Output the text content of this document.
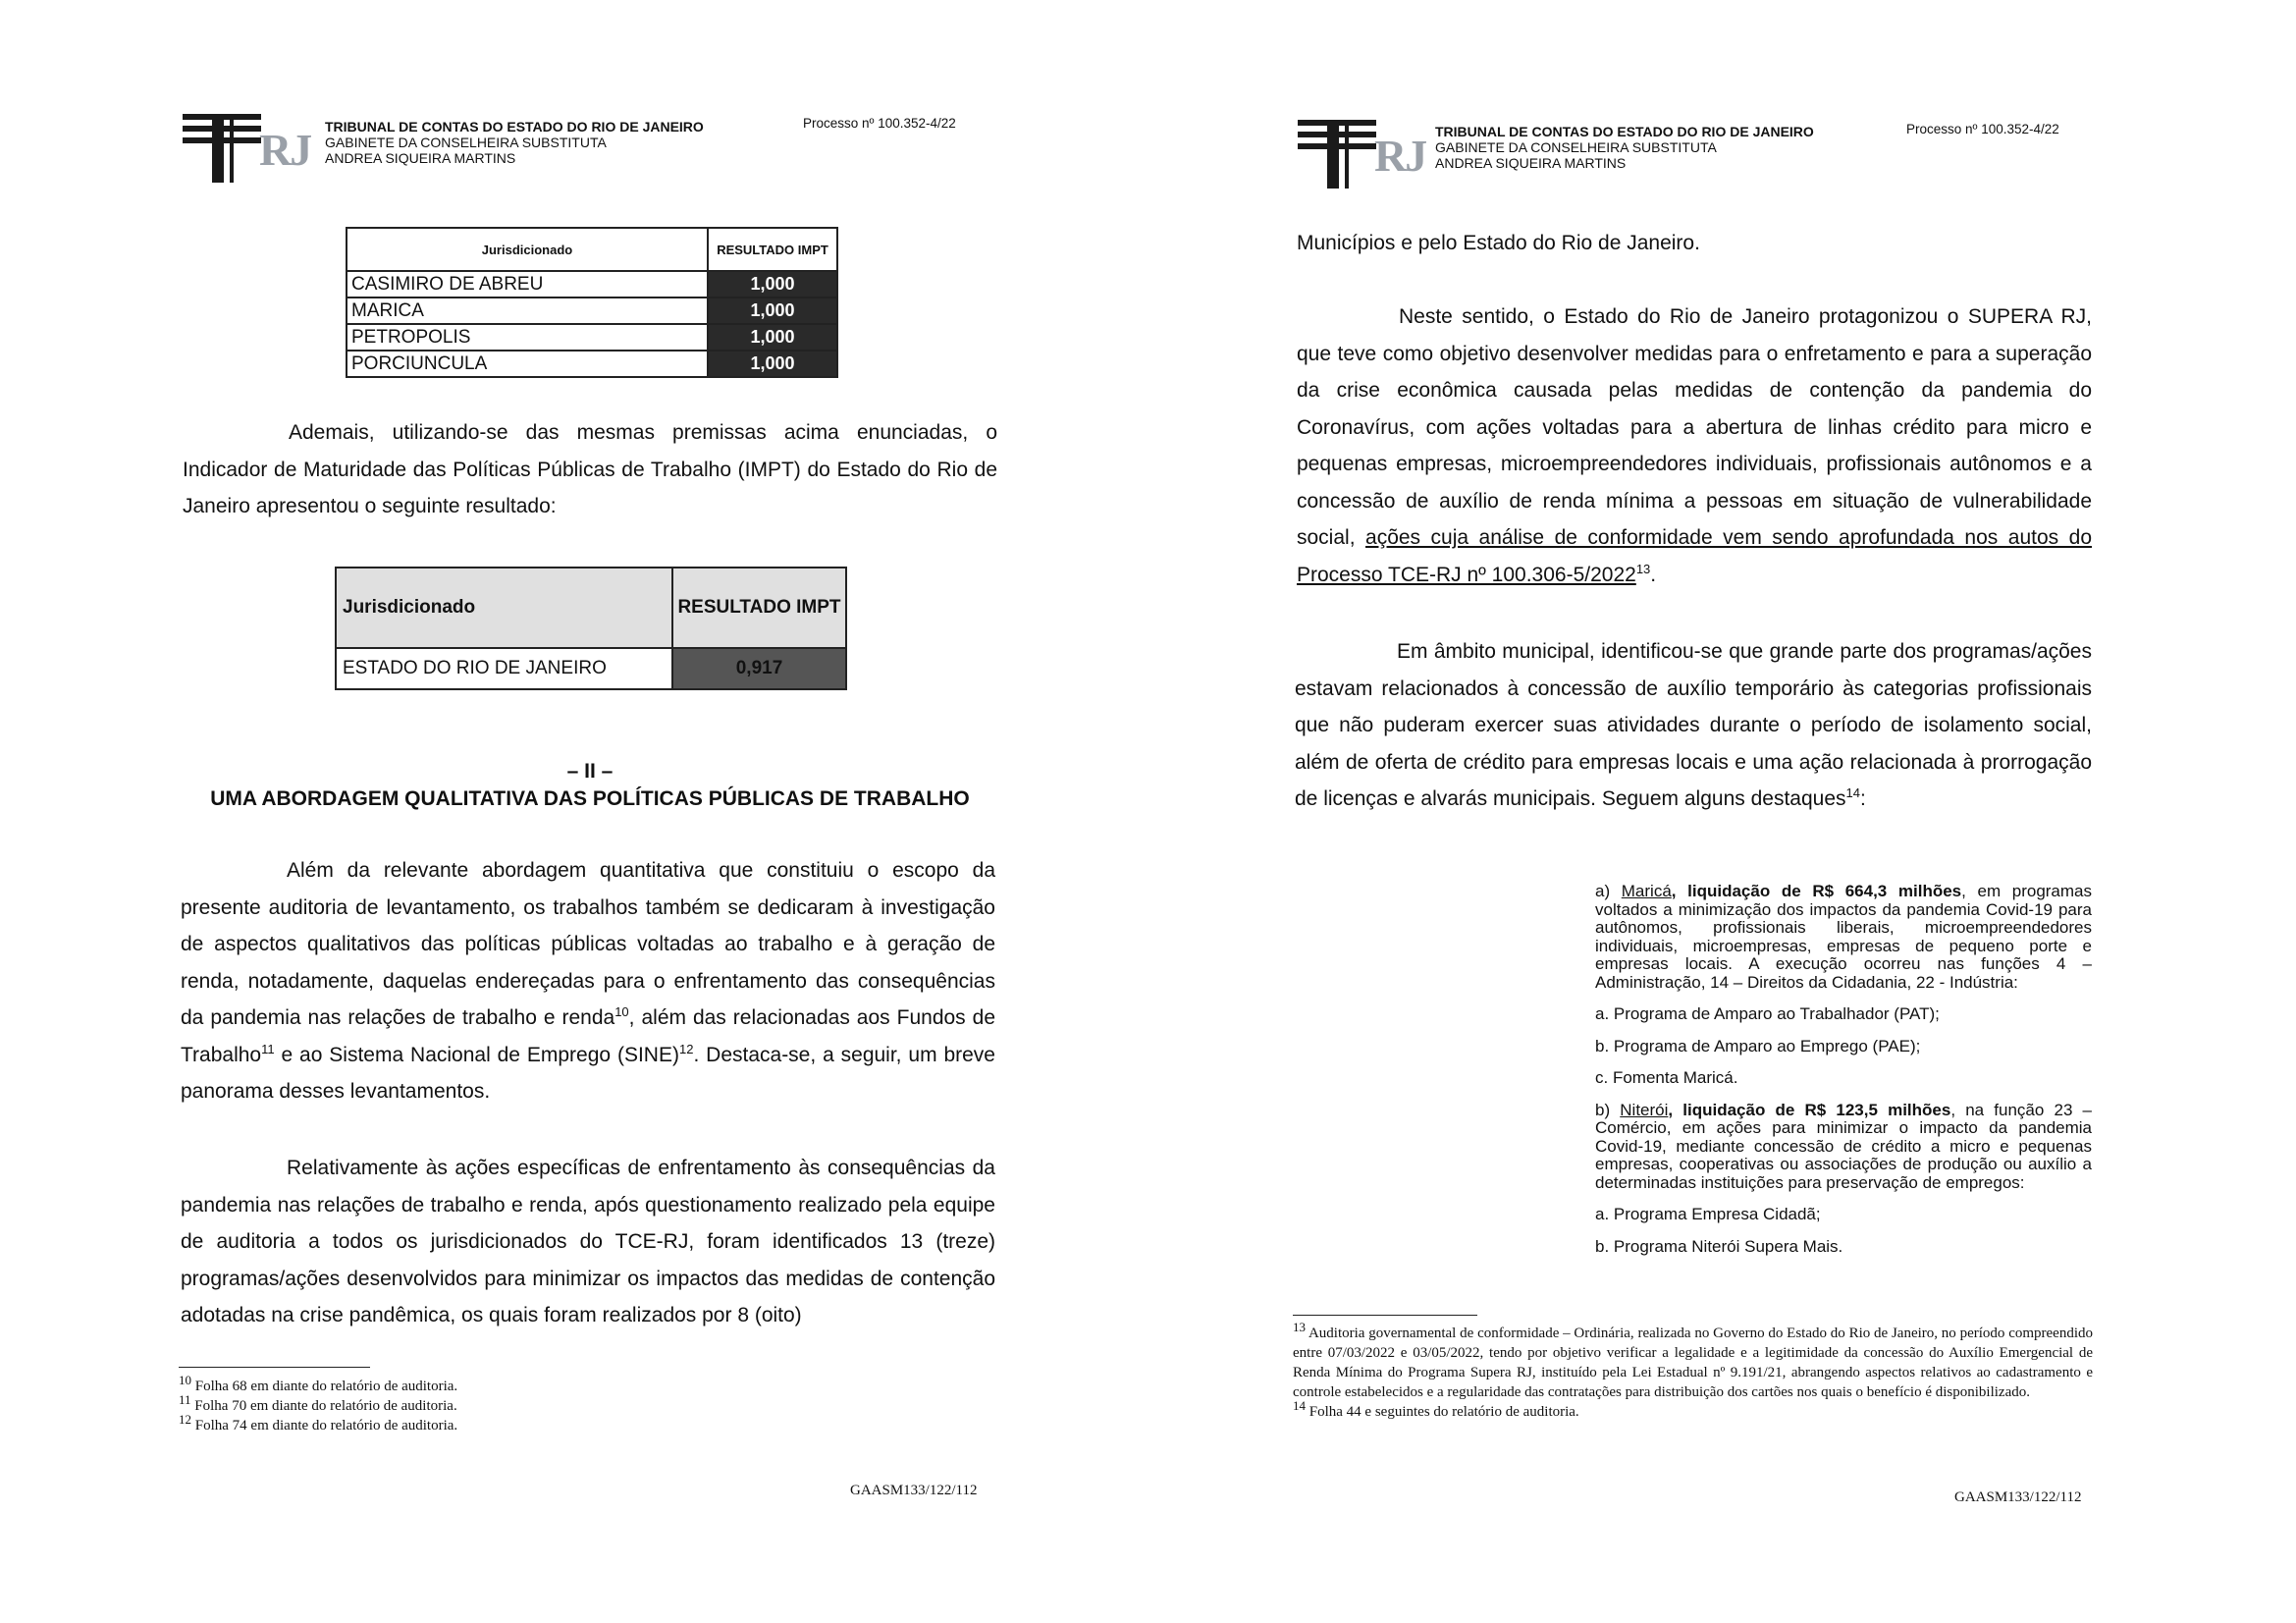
RJ TRIBUNAL DE CONTAS DO ESTADO DO RIO DE JANEIRO
GABINETE DA CONSELHEIRA SUBSTITUTA
ANDREA SIQUEIRA MARTINS
Processo nº 100.352-4/22
Jurisdicionado	RESULTADO IMPT
CASIMIRO DE ABREU	1,000
MARICA	1,000
PETROPOLIS	1,000
PORCIUNCULA	1,000
Ademais, utilizando-se das mesmas premissas acima enunciadas, o Indicador de Maturidade das Políticas Públicas de Trabalho (IMPT) do Estado do Rio de Janeiro apresentou o seguinte resultado:
Jurisdicionado	RESULTADO IMPT
ESTADO DO RIO DE JANEIRO	0,917
– II –
UMA ABORDAGEM QUALITATIVA DAS POLÍTICAS PÚBLICAS DE TRABALHO
Além da relevante abordagem quantitativa que constituiu o escopo da presente auditoria de levantamento, os trabalhos também se dedicaram à investigação de aspectos qualitativos das políticas públicas voltadas ao trabalho e à geração de renda, notadamente, daquelas endereçadas para o enfrentamento das consequências da pandemia nas relações de trabalho e renda$^{10}$, além das relacionadas aos Fundos de Trabalho$^{11}$ e ao Sistema Nacional de Emprego (SINE)$^{12}$. Destaca-se, a seguir, um breve panorama desses levantamentos.
Relativamente às ações específicas de enfrentamento às consequências da pandemia nas relações de trabalho e renda, após questionamento realizado pela equipe de auditoria a todos os jurisdicionados do TCE-RJ, foram identificados 13 (treze) programas/ações desenvolvidos para minimizar os impactos das medidas de contenção adotadas na crise pandêmica, os quais foram realizados por 8 (oito)

$^{10}$ Folha 68 em diante do relatório de auditoria.

$^{11}$ Folha 70 em diante do relatório de auditoria.

$^{12}$ Folha 74 em diante do relatório de auditoria.

GAASM133/122/112
RJ TRIBUNAL DE CONTAS DO ESTADO DO RIO DE JANEIRO
GABINETE DA CONSELHEIRA SUBSTITUTA
ANDREA SIQUEIRA MARTINS
Processo nº 100.352-4/22
Municípios e pelo Estado do Rio de Janeiro.
Neste sentido, o Estado do Rio de Janeiro protagonizou o SUPERA RJ, que teve como objetivo desenvolver medidas para o enfretamento e para a superação da crise econômica causada pelas medidas de contenção da pandemia do Coronavírus, com ações voltadas para a abertura de linhas crédito para micro e pequenas empresas, microempreendedores individuais, profissionais autônomos e a concessão de auxílio de renda mínima a pessoas em situação de vulnerabilidade social, ações cuja análise de conformidade vem sendo aprofundada nos autos do Processo TCE-RJ nº 100.306-5/2022$^{13}$.
Em âmbito municipal, identificou-se que grande parte dos programas/ações estavam relacionados à concessão de auxílio temporário às categorias profissionais que não puderam exercer suas atividades durante o período de isolamento social, além de oferta de crédito para empresas locais e uma ação relacionada à prorrogação de licenças e alvarás municipais. Seguem alguns destaques$^{14}$:

a) Maricá, liquidação de R$ 664,3 milhões, em programas voltados a minimização dos impactos da pandemia Covid-19 para autônomos, profissionais liberais, microempreendedores individuais, microempresas, empresas de pequeno porte e empresas locais. A execução ocorreu nas funções 4 – Administração, 14 – Direitos da Cidadania, 22 - Indústria:

a. Programa de Amparo ao Trabalhador (PAT);

b. Programa de Amparo ao Emprego (PAE);

c. Fomenta Maricá.

b) Niterói, liquidação de R$ 123,5 milhões, na função 23 – Comércio, em ações para minimizar o impacto da pandemia Covid-19, mediante concessão de crédito a micro e pequenas empresas, cooperativas ou associações de produção ou auxílio a determinadas instituições para preservação de empregos:

a. Programa Empresa Cidadã;

b. Programa Niterói Supera Mais.

$^{13}$ Auditoria governamental de conformidade – Ordinária, realizada no Governo do Estado do Rio de Janeiro, no período compreendido entre 07/03/2022 e 03/05/2022, tendo por objetivo verificar a legalidade e a legitimidade da concessão do Auxílio Emergencial de Renda Mínima do Programa Supera RJ, instituído pela Lei Estadual nº 9.191/21, abrangendo aspectos relativos ao cadastramento e controle estabelecidos e a regularidade das contratações para distribuição dos cartões nos quais o benefício é disponibilizado.

$^{14}$ Folha 44 e seguintes do relatório de auditoria.

GAASM133/122/112
